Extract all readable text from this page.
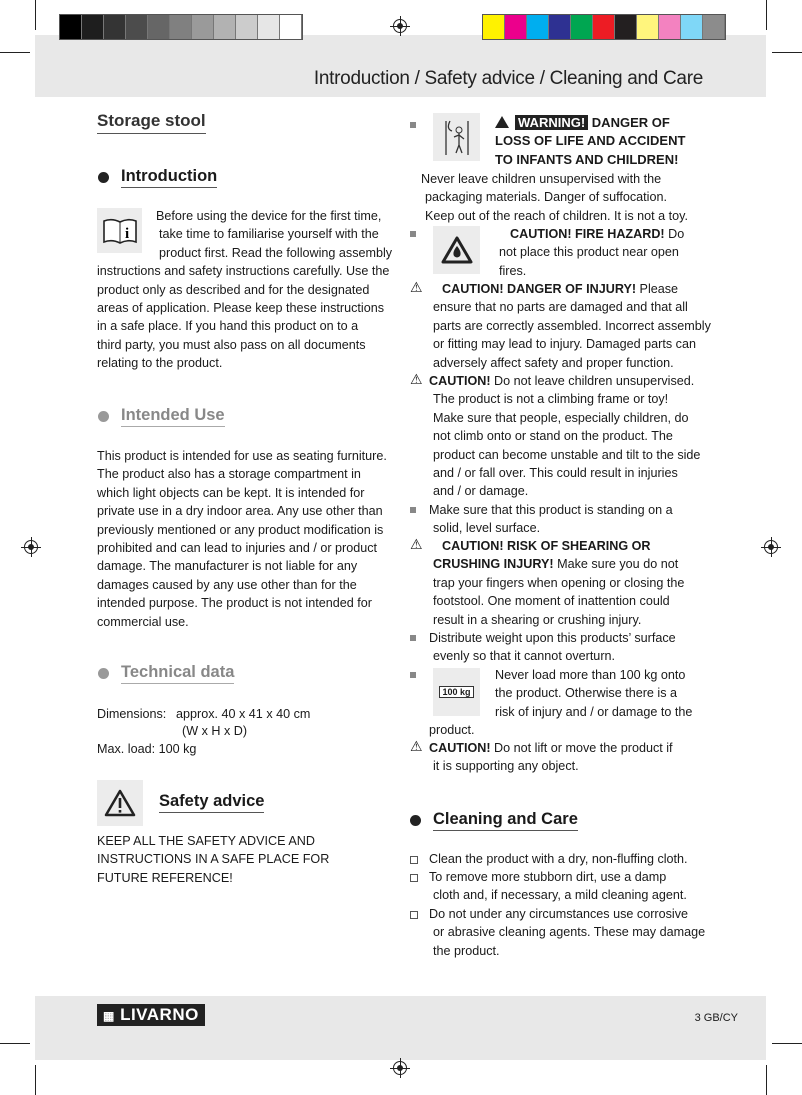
Introduction / Safety advice / Cleaning and Care
Storage stool
Introduction
i
Before using the device for the first time,
take time to familiarise yourself with the
product first. Read the following assembly
instructions and safety instructions carefully. Use the
product only as described and for the designated
areas of application. Please keep these instructions
in a safe place. If you hand this product on to a
third party, you must also pass on all documents
relating to the product.
Intended Use
This product is intended for use as seating furniture.
The product also has a storage compartment in
which light objects can be kept. It is intended for
private use in a dry indoor area. Any use other than
previously mentioned or any product modification is
prohibited and can lead to injuries and / or product
damage. The manufacturer is not liable for any
damages caused by any use other than for the
intended purpose. The product is not intended for
commercial use.
Technical data
Dimensions: approx. 40 x 41 x 40 cm
(W x H x D)
Max. load: 100 kg
Safety advice
KEEP ALL THE SAFETY ADVICE AND
INSTRUCTIONS IN A SAFE PLACE FOR
FUTURE REFERENCE!
WARNING! DANGER OF
LOSS OF LIFE AND ACCIDENT
TO INFANTS AND CHILDREN!
Never leave children unsupervised with the
packaging materials. Danger of suffocation.
Keep out of the reach of children. It is not a toy.
CAUTION! FIRE HAZARD! Do
not place this product near open
fires.
⚠ CAUTION! DANGER OF INJURY! Please
ensure that no parts are damaged and that all
parts are correctly assembled. Incorrect assembly
or fitting may lead to injury. Damaged parts can
adversely affect safety and proper function.
⚠ CAUTION! Do not leave children unsupervised.
The product is not a climbing frame or toy!
Make sure that people, especially children, do
not climb onto or stand on the product. The
product can become unstable and tilt to the side
and / or fall over. This could result in injuries
and / or damage.
Make sure that this product is standing on a
solid, level surface.
⚠ CAUTION! RISK OF SHEARING OR
CRUSHING INJURY! Make sure you do not
trap your fingers when opening or closing the
footstool. One moment of inattention could
result in a shearing or crushing injury.
Distribute weight upon this products’ surface
evenly so that it cannot overturn.
100 kg
Never load more than 100 kg onto
the product. Otherwise there is a
risk of injury and / or damage to the
product.
⚠ CAUTION! Do not lift or move the product if
it is supporting any object.
Cleaning and Care
Clean the product with a dry, non-fluffing cloth.
To remove more stubborn dirt, use a damp
cloth and, if necessary, a mild cleaning agent.
Do not under any circumstances use corrosive
or abrasive cleaning agents. These may damage
the product.
▦ LIVARNO	3 GB/CY
